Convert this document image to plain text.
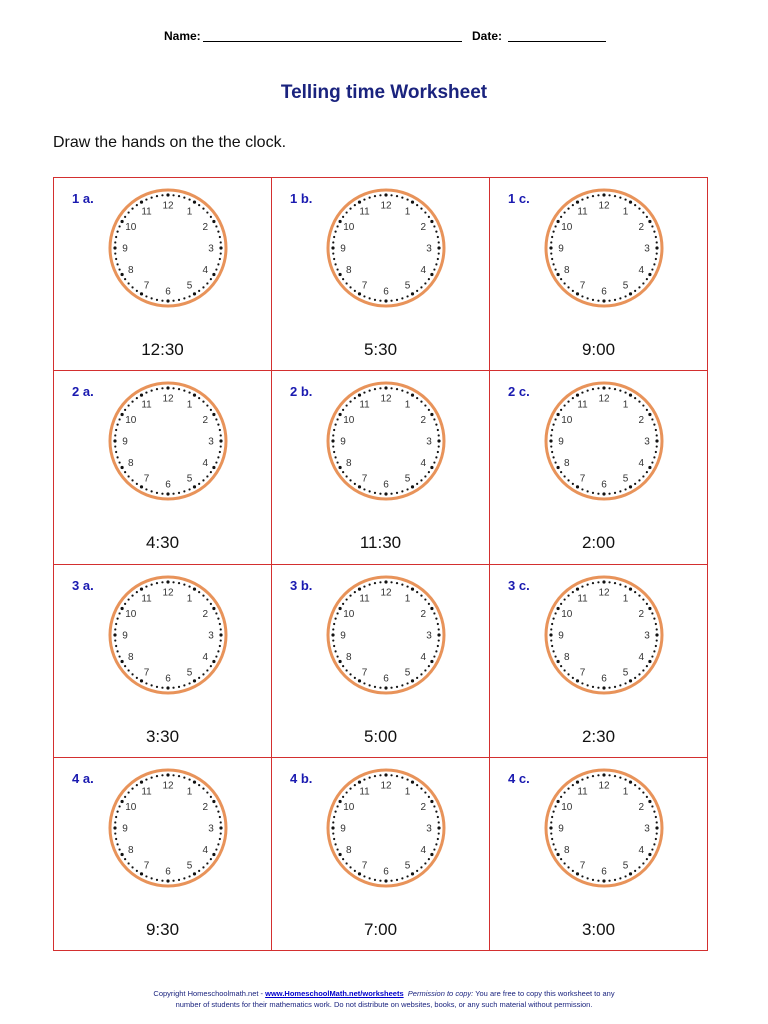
Name:	Date:
Telling time Worksheet
Draw the hands on the the clock.
1 a.	12
1
2
3
4
5
6
7
8
9
10
11
12:30
1 b.	12
1
2
3
4
5
6
7
8
9
10
11
5:30
1 c.	12
1
2
3
4
5
6
7
8
9
10
11
9:00
2 a.	12
1
2
3
4
5
6
7
8
9
10
11
4:30
2 b.	12
1
2
3
4
5
6
7
8
9
10
11
11:30
2 c.	12
1
2
3
4
5
6
7
8
9
10
11
2:00
3 a.	12
1
2
3
4
5
6
7
8
9
10
11
3:30
3 b.	12
1
2
3
4
5
6
7
8
9
10
11
5:00
3 c.	12
1
2
3
4
5
6
7
8
9
10
11
2:30
4 a.	12
1
2
3
4
5
6
7
8
9
10
11
9:30
4 b.	12
1
2
3
4
5
6
7
8
9
10
11
7:00
4 c.	12
1
2
3
4
5
6
7
8
9
10
11
3:00
Copyright Homeschoolmath.net - www.HomeschoolMath.net/worksheets Permission to copy: You are free to copy this worksheet to any
number of students for their mathematics work. Do not distribute on websites, books, or any such material without permission.
